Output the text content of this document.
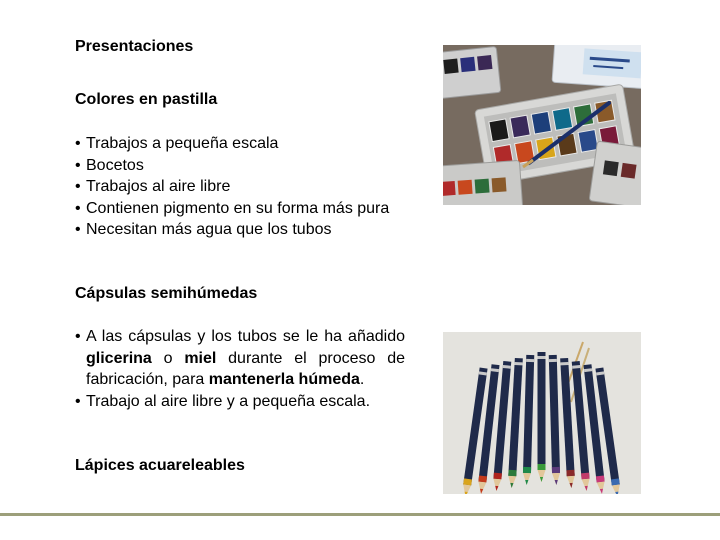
Presentaciones
Colores en pastilla
• Trabajos a pequeña escala
• Bocetos
• Trabajos al aire libre
• Contienen pigmento en su forma más pura
• Necesitan más agua que los tubos
Cápsulas semihúmedas
• A las cápsulas y los tubos se le ha añadido glicerina o miel durante el proceso de fabricación, para mantenerla húmeda.
• Trabajo al aire libre y a pequeña escala.
Lápices acuareleables
